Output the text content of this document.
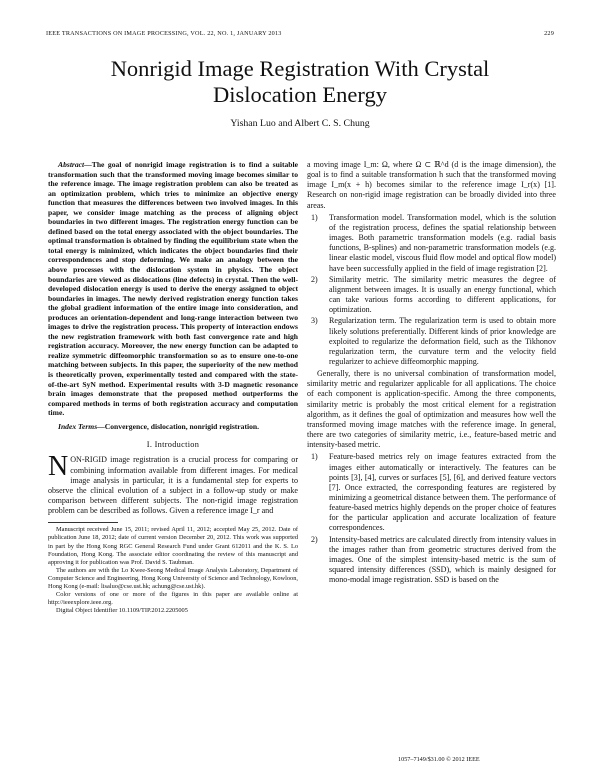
IEEE TRANSACTIONS ON IMAGE PROCESSING, VOL. 22, NO. 1, JANUARY 2013	229
Nonrigid Image Registration With Crystal
Dislocation Energy
Yishan Luo and Albert C. S. Chung

Abstract—The goal of nonrigid image registration is to find a suitable transformation such that the transformed moving image becomes similar to the reference image. The image registration problem can also be treated as an optimization problem, which tries to minimize an objective energy function that measures the differences between two involved images. In this paper, we consider image matching as the process of aligning object boundaries in two different images. The registration energy function can be defined based on the total energy associated with the object boundaries. The optimal transformation is obtained by finding the equilibrium state when the total energy is minimized, which indicates the object boundaries find their correspondences and stop deforming. We make an analogy between the above processes with the dislocation system in physics. The object boundaries are viewed as dislocations (line defects) in crystal. Then the well-developed dislocation energy is used to derive the energy assigned to object boundaries in images. The newly derived registration energy function takes the global gradient information of the entire image into consideration, and produces an orientation-dependent and long-range interaction between two images to drive the registration process. This property of interaction endows the new registration framework with both fast convergence rate and high registration accuracy. Moreover, the new energy function can be adapted to realize symmetric diffeomorphic transformation so as to ensure one-to-one matching between subjects. In this paper, the superiority of the new method is theoretically proven, experimentally tested and compared with the state-of-the-art SyN method. Experimental results with 3-D magnetic resonance brain images demonstrate that the proposed method outperforms the compared methods in terms of both registration accuracy and computation time.

Index Terms—Convergence, dislocation, nonrigid registration.

I. Introduction

NON-RIGID image registration is a crucial process for comparing or combining information available from different images. For medical image analysis in particular, it is a fundamental step for experts to observe the clinical evolution of a subject in a follow-up study or make comparison between different subjects. The non-rigid image registration problem can be described as follows. Given a reference image I_r and

Manuscript received June 15, 2011; revised April 11, 2012; accepted May 25, 2012. Date of publication June 18, 2012; date of current version December 20, 2012. This work was supported in part by the Hong Kong RGC General Research Fund under Grant 612011 and the K. S. Lo Foundation, Hong Kong. The associate editor coordinating the review of this manuscript and approving it for publication was Prof. David S. Taubman.

The authors are with the Lo Kwee-Seong Medical Image Analysis Laboratory, Department of Computer Science and Engineering, Hong Kong University of Science and Technology, Kowloon, Hong Kong (e-mail: lisaluo@cse.ust.hk; achung@cse.ust.hk).

Color versions of one or more of the figures in this paper are available online at http://ieeexplore.ieee.org.

Digital Object Identifier 10.1109/TIP.2012.2205005

a moving image I_m: Ω, where Ω ⊂ ℝ^d (d is the image dimension), the goal is to find a suitable transformation h such that the transformed moving image I_m(x + h) becomes similar to the reference image I_r(x) [1]. Research on non-rigid image registration can be broadly divided into three areas.

1) Transformation model. Transformation model, which is the solution of the registration process, defines the spatial relationship between images. Both parametric transformation models (e.g. radial basis functions, B-splines) and non-parametric transformation models (e.g. linear elastic model, viscous fluid flow model and optical flow model) have been successfully applied in the field of image registration [2].
2) Similarity metric. The similarity metric measures the degree of alignment between images. It is usually an energy functional, which can take various forms according to different applications, for optimization.
3) Regularization term. The regularization term is used to obtain more likely solutions preferentially. Different kinds of prior knowledge are exploited to regularize the deformation field, such as the Tikhonov regularization term, the curvature term and the velocity field regularizer to achieve diffeomorphic mapping.

Generally, there is no universal combination of transformation model, similarity metric and regularizer applicable for all applications. The choice of each component is application-specific. Among the three components, similarity metric is probably the most critical element for a registration algorithm, as it defines the goal of optimization and measures how well the transformed moving image matches with the reference image. In general, there are two categories of similarity metric, i.e., feature-based metric and intensity-based metric.

1) Feature-based metrics rely on image features extracted from the images either automatically or interactively. The features can be points [3], [4], curves or surfaces [5], [6], and derived feature vectors [7]. Once extracted, the corresponding features are registered by minimizing a geometrical distance between them. The performance of feature-based metrics highly depends on the proper choice of features for the particular application and accurate localization of feature correspondences.
2) Intensity-based metrics are calculated directly from intensity values in the images rather than from geometric structures derived from the images. One of the simplest intensity-based metric is the sum of squared intensity differences (SSD), which is mainly designed for mono-modal image registration. SSD is based on the
1057–7149/$31.00 © 2012 IEEE
